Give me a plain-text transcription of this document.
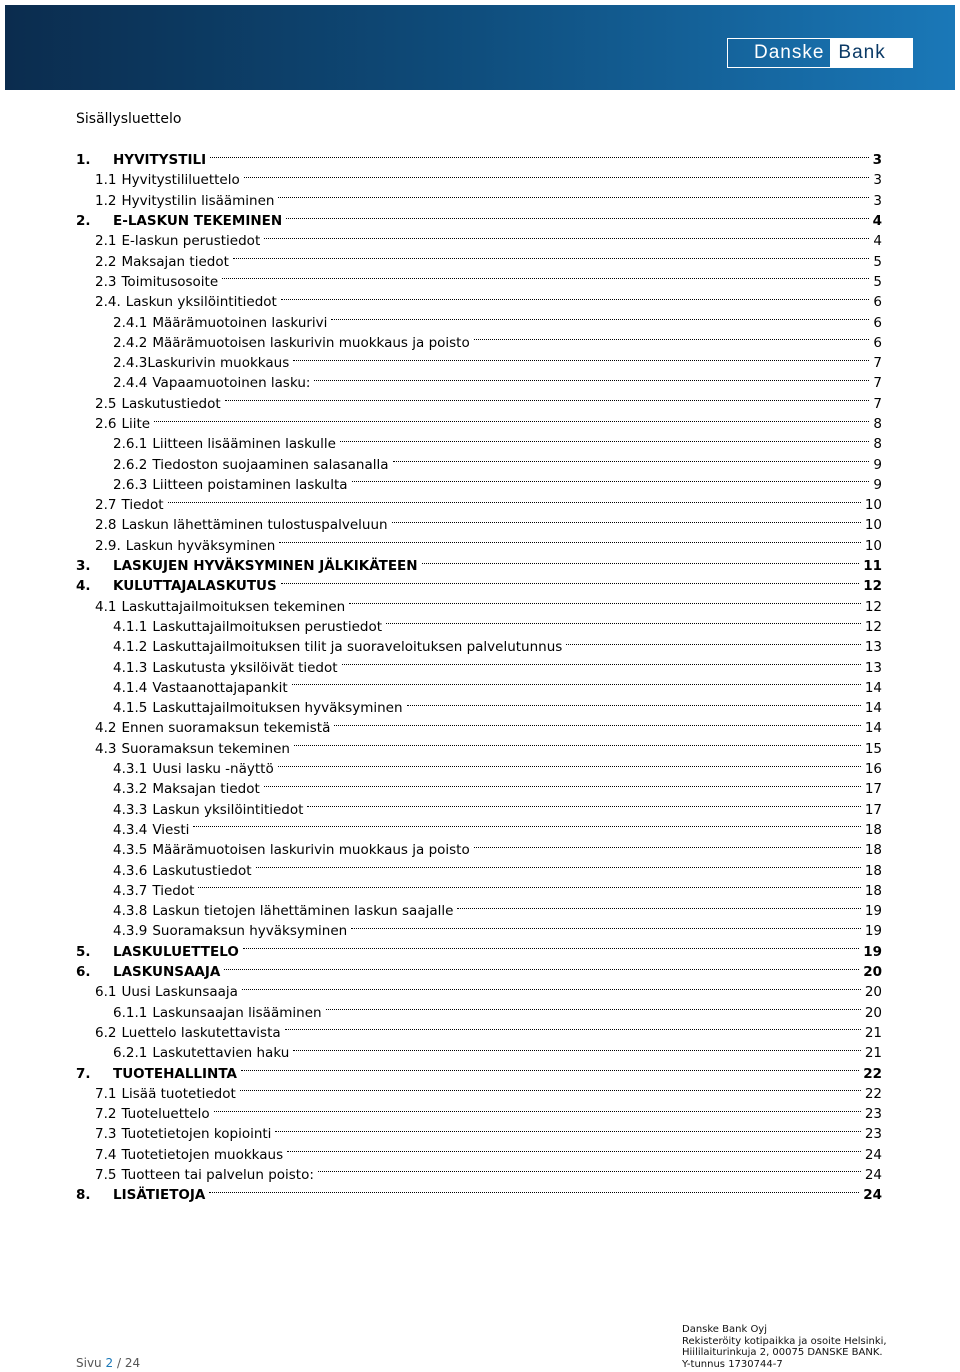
Danske Bank
Sisällysluettelo
1. HYVITYSTILI	3
1.1 Hyvitystililuettelo	3
1.2 Hyvitystilin lisääminen	3
2. E-LASKUN TEKEMINEN	4
2.1 E-laskun perustiedot	4
2.2 Maksajan tiedot	5
2.3 Toimitusosoite	5
2.4. Laskun yksilöintitiedot	6
2.4.1 Määrämuotoinen laskurivi	6
2.4.2 Määrämuotoisen laskurivin muokkaus ja poisto	6
2.4.3Laskurivin muokkaus	7
2.4.4 Vapaamuotoinen lasku:	7
2.5 Laskutustiedot	7
2.6 Liite	8
2.6.1 Liitteen lisääminen laskulle	8
2.6.2 Tiedoston suojaaminen salasanalla	9
2.6.3 Liitteen poistaminen laskulta	9
2.7 Tiedot	10
2.8 Laskun lähettäminen tulostuspalveluun	10
2.9. Laskun hyväksyminen	10
3. LASKUJEN HYVÄKSYMINEN JÄLKIKÄTEEN	11
4. KULUTTAJALASKUTUS	12
4.1 Laskuttajailmoituksen tekeminen	12
4.1.1 Laskuttajailmoituksen perustiedot	12
4.1.2 Laskuttajailmoituksen tilit ja suoraveloituksen palvelutunnus	13
4.1.3 Laskutusta yksilöivät tiedot	13
4.1.4 Vastaanottajapankit	14
4.1.5 Laskuttajailmoituksen hyväksyminen	14
4.2 Ennen suoramaksun tekemistä	14
4.3 Suoramaksun tekeminen	15
4.3.1 Uusi lasku -näyttö	16
4.3.2 Maksajan tiedot	17
4.3.3 Laskun yksilöintitiedot	17
4.3.4 Viesti	18
4.3.5 Määrämuotoisen laskurivin muokkaus ja poisto	18
4.3.6 Laskutustiedot	18
4.3.7 Tiedot	18
4.3.8 Laskun tietojen lähettäminen laskun saajalle	19
4.3.9 Suoramaksun hyväksyminen	19
5. LASKULUETTELO	19
6. LASKUNSAAJA	20
6.1 Uusi Laskunsaaja	20
6.1.1 Laskunsaajan lisääminen	20
6.2 Luettelo laskutettavista	21
6.2.1 Laskutettavien haku	21
7. TUOTEHALLINTA	22
7.1 Lisää tuotetiedot	22
7.2 Tuoteluettelo	23
7.3 Tuotetietojen kopiointi	23
7.4 Tuotetietojen muokkaus	24
7.5 Tuotteen tai palvelun poisto:	24
8. LISÄTIETOJA	24
Sivu 2 / 24
Danske Bank Oyj
Rekisteröity kotipaikka ja osoite Helsinki,
Hiililaiturinkuja 2, 00075 DANSKE BANK.
Y-tunnus 1730744-7
